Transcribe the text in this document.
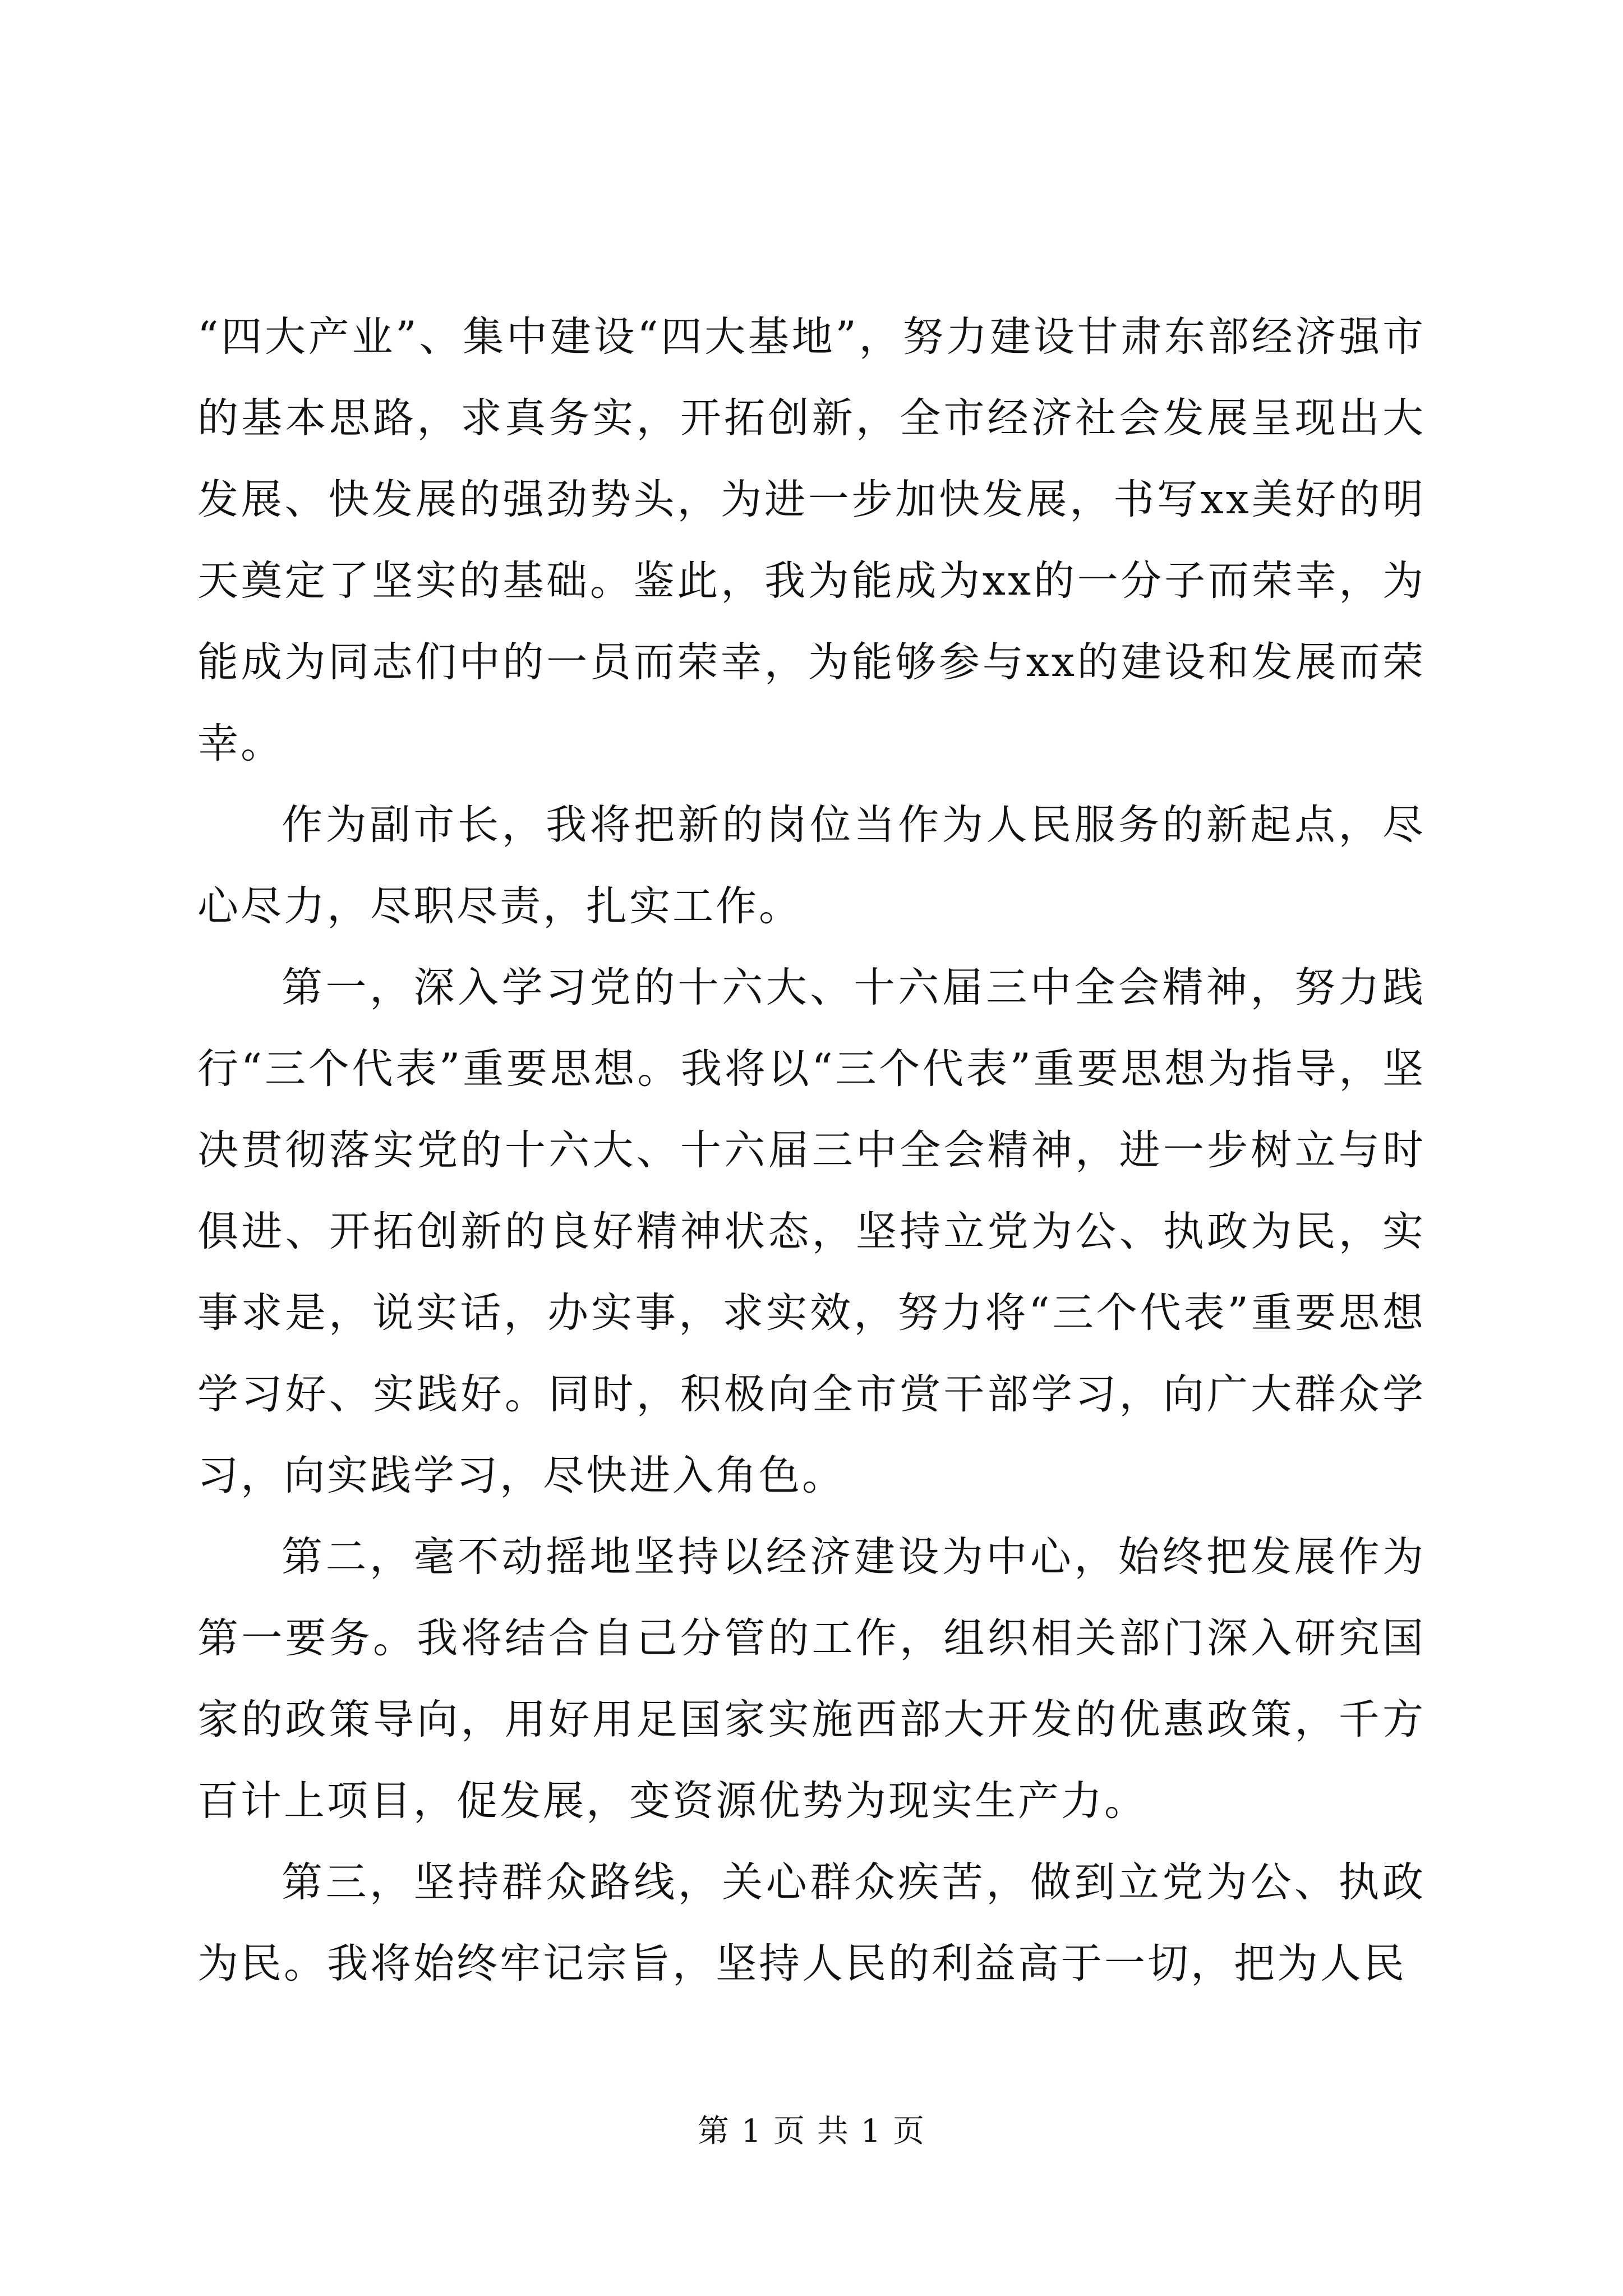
“四大产业”、集中建设“四大基地”，努力建设甘肃东部经济强市的基本思路，求真务实，开拓创新，全市经济社会发展呈现出大发展、快发展的强劲势头，为进一步加快发展，书写xx美好的明天奠定了坚实的基础。鉴此，我为能成为xx的一分子而荣幸，为能成为同志们中的一员而荣幸，为能够参与xx的建设和发展而荣幸。

作为副市长，我将把新的岗位当作为人民服务的新起点，尽心尽力，尽职尽责，扎实工作。

第一，深入学习党的十六大、十六届三中全会精神，努力践行“三个代表”重要思想。我将以“三个代表”重要思想为指导，坚决贯彻落实党的十六大、十六届三中全会精神，进一步树立与时俱进、开拓创新的良好精神状态，坚持立党为公、执政为民，实事求是，说实话，办实事，求实效，努力将“三个代表”重要思想学习好、实践好。同时，积极向全市赏干部学习，向广大群众学习，向实践学习，尽快进入角色。

第二，毫不动摇地坚持以经济建设为中心，始终把发展作为第一要务。我将结合自己分管的工作，组织相关部门深入研究国家的政策导向，用好用足国家实施西部大开发的优惠政策，千方百计上项目，促发展，变资源优势为现实生产力。

第三，坚持群众路线，关心群众疾苦，做到立党为公、执政为民。我将始终牢记宗旨，坚持人民的利益高于一切，把为人民

第 1 页 共 1 页
